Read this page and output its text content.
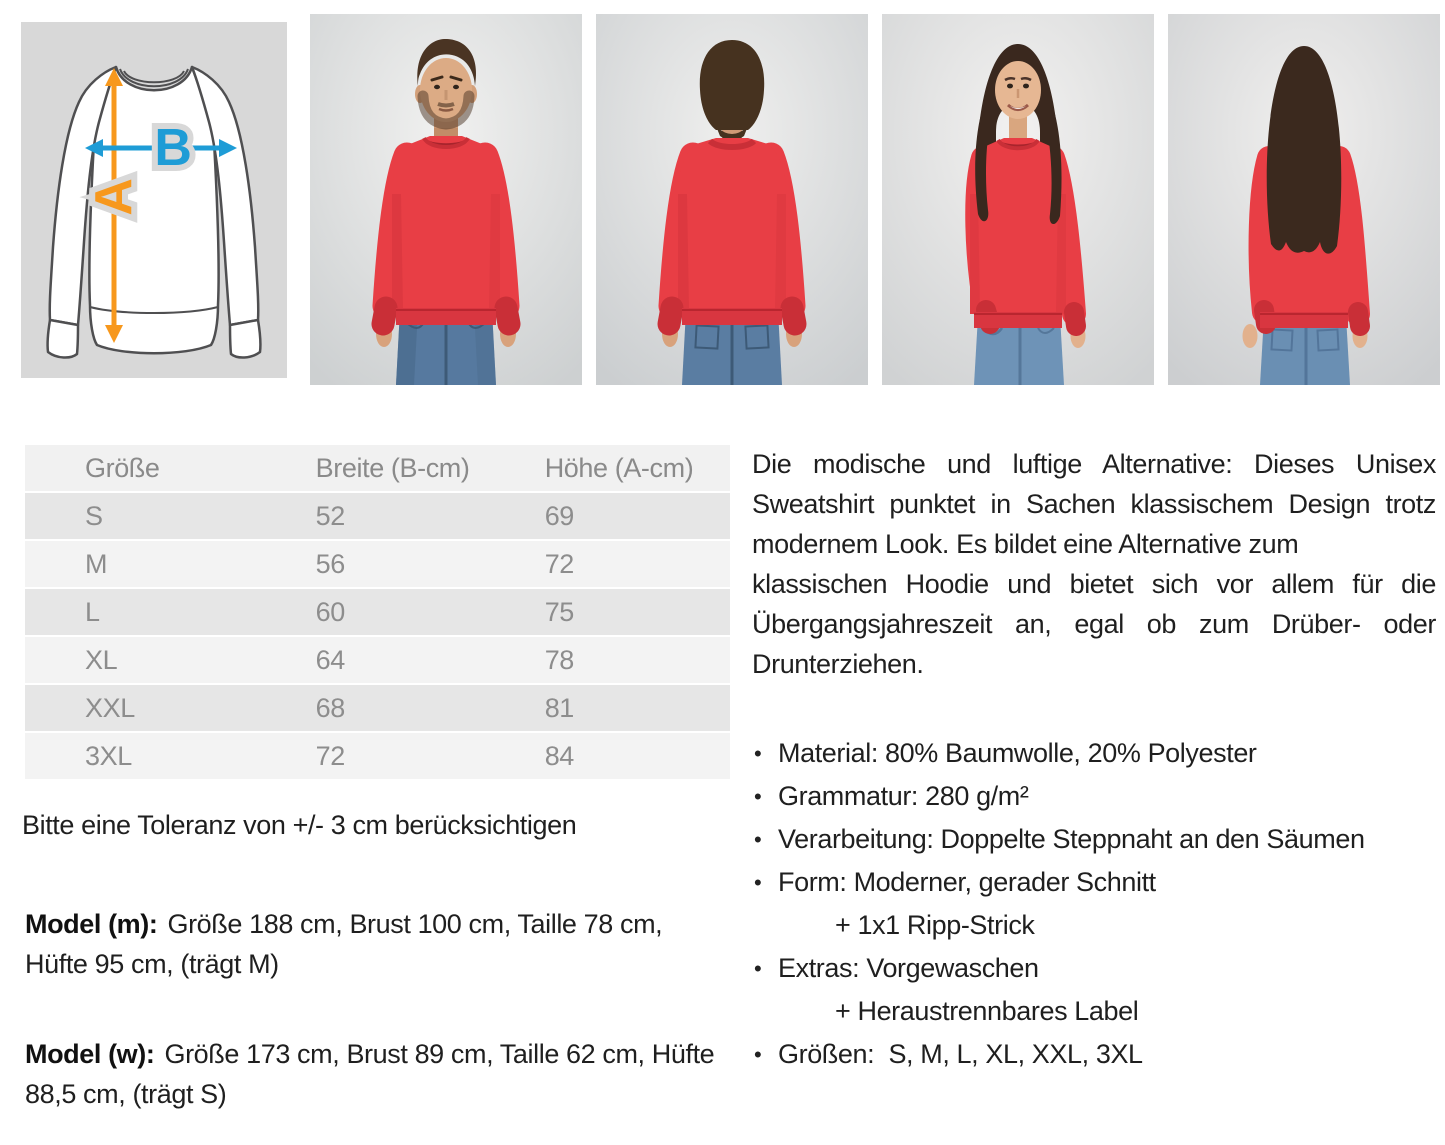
A
B
Größe	Breite (B-cm)	Höhe (A-cm)
S	52	69
M	56	72
L	60	75
XL	64	78
XXL	68	81
3XL	72	84

Bitte eine Toleranz von +/- 3 cm berücksichtigen

Model (m): Größe 188 cm, Brust 100 cm, Taille 78 cm, Hüfte 95 cm, (trägt M)

Model (w): Größe 173 cm, Brust 89 cm, Taille 62 cm, Hüfte 88,5 cm, (trägt S)

Die modische und luftige Alternative: Dieses Unisex
Sweatshirt punktet in Sachen klassischem Design trotz
modernem Look. Es bildet eine Alternative zum
klassischen Hoodie und bietet sich vor allem für die
Übergangsjahreszeit an, egal ob zum Drüber- oder
Drunterziehen.
• Material: 80% Baumwolle, 20% Polyester
• Grammatur: 280 g/m²
• Verarbeitung: Doppelte Steppnaht an den Säumen
• Form: Moderner, gerader Schnitt
+ 1x1 Ripp-Strick
• Extras: Vorgewaschen
+ Heraustrennbares Label
• Größen:  S, M, L, XL, XXL, 3XL
